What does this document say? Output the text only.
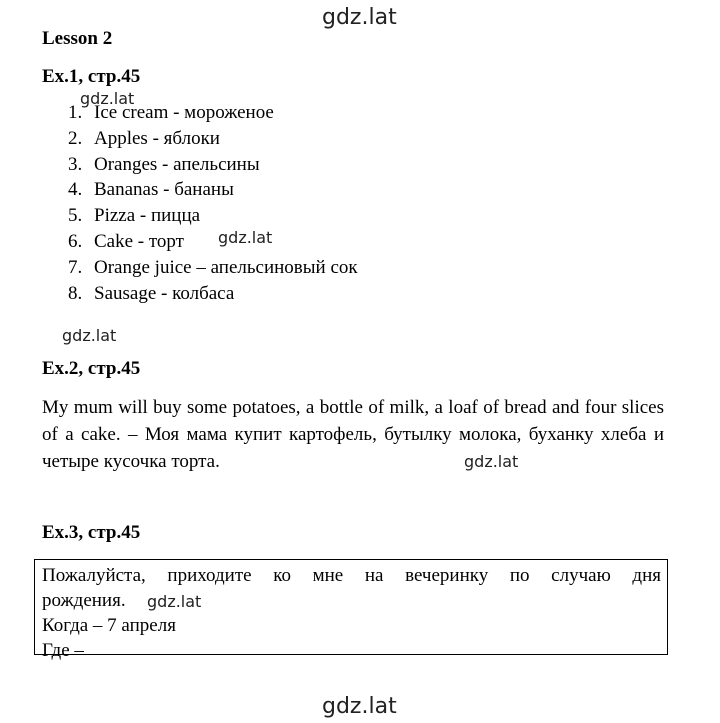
gdz.lat
Lesson 2
Ex.1, стр.45
1. Ice cream - мороженое
2. Apples - яблоки
3. Oranges - апельсины
4. Bananas - бананы
5. Pizza - пицца
6. Cake - торт
7. Orange juice – апельсиновый сок
8. Sausage - колбаса
gdz.lat
gdz.lat
gdz.lat
Ex.2, стр.45
My mum will buy some potatoes, a bottle of milk, a loaf of bread and four slices of a cake. – Моя мама купит картофель, бутылку молока, буханку хлеба и четыре кусочка торта.	gdz.lat
Ex.3, стр.45
Пожалуйста, приходите ко мне на вечеринку по случаю дня
рождения.
Когда – 7 апреля
Где –
gdz.lat
gdz.lat
